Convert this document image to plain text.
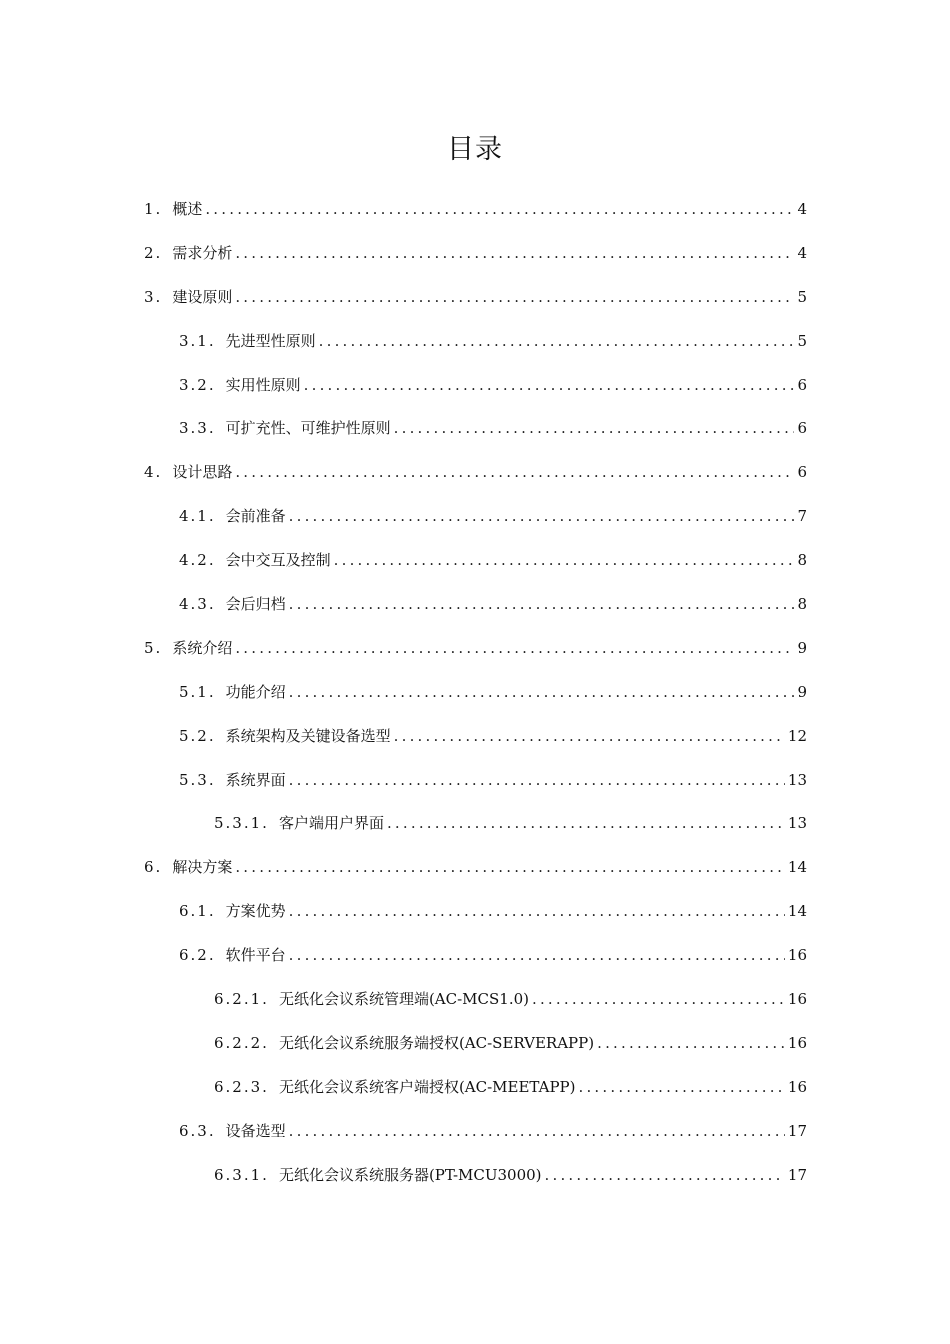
目录
1. 概述 .....	4
2. 需求分析 .....	4
3. 建设原则 .....	5
3.1. 先进型性原则 .....	5
3.2. 实用性原则 .....	6
3.3. 可扩充性、可维护性原则 .....	6
4. 设计思路 .....	6
4.1. 会前准备 .....	7
4.2. 会中交互及控制 .....	8
4.3. 会后归档 .....	8
5. 系统介绍 .....	9
5.1. 功能介绍 .....	9
5.2. 系统架构及关键设备选型 .....	12
5.3. 系统界面 .....	13
5.3.1. 客户端用户界面 .....	13
6. 解决方案 .....	14
6.1. 方案优势 .....	14
6.2. 软件平台 .....	16
6.2.1. 无纸化会议系统管理端(AC-MCS1.0) .....	16
6.2.2. 无纸化会议系统服务端授权(AC-SERVERAPP) .....	16
6.2.3. 无纸化会议系统客户端授权(AC-MEETAPP) .....	16
6.3. 设备选型 .....	17
6.3.1. 无纸化会议系统服务器(PT-MCU3000) .....	17
